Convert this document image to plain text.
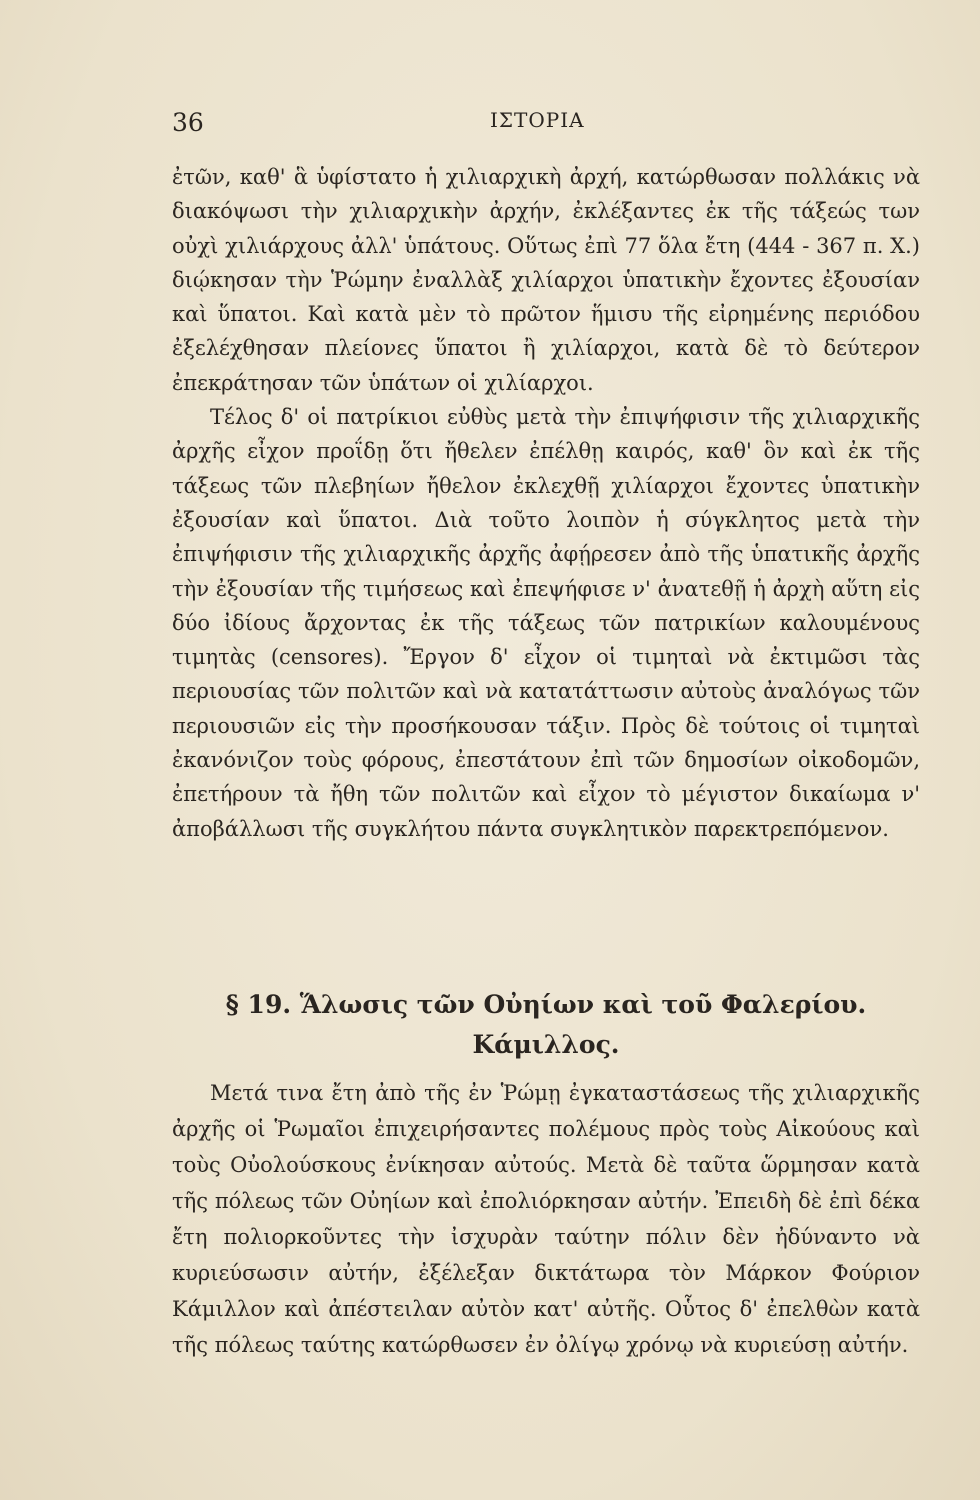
36	ΙΣΤΟΡΙΑ

ἐτῶν, καθ' ἃ ὑφίστατο ἡ χιλιαρχικὴ ἀρχή, κατώρθωσαν πολλάκις νὰ διακόψωσι τὴν χιλιαρχικὴν ἀρχήν, ἐκλέξαντες ἐκ τῆς τάξεώς των οὐχὶ χιλιάρχους ἀλλ' ὑπάτους. Οὕτως ἐπὶ 77 ὅλα ἔτη (444 - 367 π. Χ.) διῴκησαν τὴν Ῥώμην ἐναλλὰξ χιλίαρχοι ὑπατικὴν ἔχοντες ἐξουσίαν καὶ ὕπατοι. Καὶ κατὰ μὲν τὸ πρῶτον ἥμισυ τῆς εἰρημένης περιόδου ἐξελέχθησαν πλείονες ὕπατοι ἢ χιλίαρχοι, κατὰ δὲ τὸ δεύτερον ἐπεκράτησαν τῶν ὑπάτων οἱ χιλίαρχοι.

Τέλος δ' οἱ πατρίκιοι εὐθὺς μετὰ τὴν ἐπιψήφισιν τῆς χιλιαρχικῆς ἀρχῆς εἶχον προΐδῃ ὅτι ἤθελεν ἐπέλθῃ καιρός, καθ' ὃν καὶ ἐκ τῆς τάξεως τῶν πλεβηίων ἤθελον ἐκλεχθῇ χιλίαρχοι ἔχοντες ὑπατικὴν ἐξουσίαν καὶ ὕπατοι. Διὰ τοῦτο λοιπὸν ἡ σύγκλητος μετὰ τὴν ἐπιψήφισιν τῆς χιλιαρχικῆς ἀρχῆς ἀφῄρεσεν ἀπὸ τῆς ὑπατικῆς ἀρχῆς τὴν ἐξουσίαν τῆς τιμήσεως καὶ ἐπεψήφισε ν' ἀνατεθῇ ἡ ἀρχὴ αὕτη εἰς δύο ἰδίους ἄρχοντας ἐκ τῆς τάξεως τῶν πατρικίων καλουμένους τιμητὰς (censores). Ἔργον δ' εἶχον οἱ τιμηταὶ νὰ ἐκτιμῶσι τὰς περιουσίας τῶν πολιτῶν καὶ νὰ κατατάττωσιν αὐτοὺς ἀναλόγως τῶν περιουσιῶν εἰς τὴν προσήκουσαν τάξιν. Πρὸς δὲ τούτοις οἱ τιμηταὶ ἐκανόνιζον τοὺς φόρους, ἐπεστάτουν ἐπὶ τῶν δημοσίων οἰκοδομῶν, ἐπετήρουν τὰ ἤθη τῶν πολιτῶν καὶ εἶχον τὸ μέγιστον δικαίωμα ν' ἀποβάλλωσι τῆς συγκλήτου πάντα συγκλητικὸν παρεκτρεπόμενον.

§ 19. Ἅλωσις τῶν Οὐηίων καὶ τοῦ Φαλερίου. Κάμιλλος.

Μετά τινα ἔτη ἀπὸ τῆς ἐν Ῥώμῃ ἐγκαταστάσεως τῆς χιλιαρχικῆς ἀρχῆς οἱ Ῥωμαῖοι ἐπιχειρήσαντες πολέμους πρὸς τοὺς Αἰκούους καὶ τοὺς Οὐολούσκους ἐνίκησαν αὐτούς. Μετὰ δὲ ταῦτα ὥρμησαν κατὰ τῆς πόλεως τῶν Οὐηίων καὶ ἐπολιόρκησαν αὐτήν. Ἐπειδὴ δὲ ἐπὶ δέκα ἔτη πολιορκοῦντες τὴν ἰσχυρὰν ταύτην πόλιν δὲν ἠδύναντο νὰ κυριεύσωσιν αὐτήν, ἐξέλεξαν δικτάτωρα τὸν Μάρκον Φούριον Κάμιλλον καὶ ἀπέστειλαν αὐτὸν κατ' αὐτῆς. Οὗτος δ' ἐπελθὼν κατὰ τῆς πόλεως ταύτης κατώρθωσεν ἐν ὀλίγῳ χρόνῳ νὰ κυριεύσῃ αὐτήν.
